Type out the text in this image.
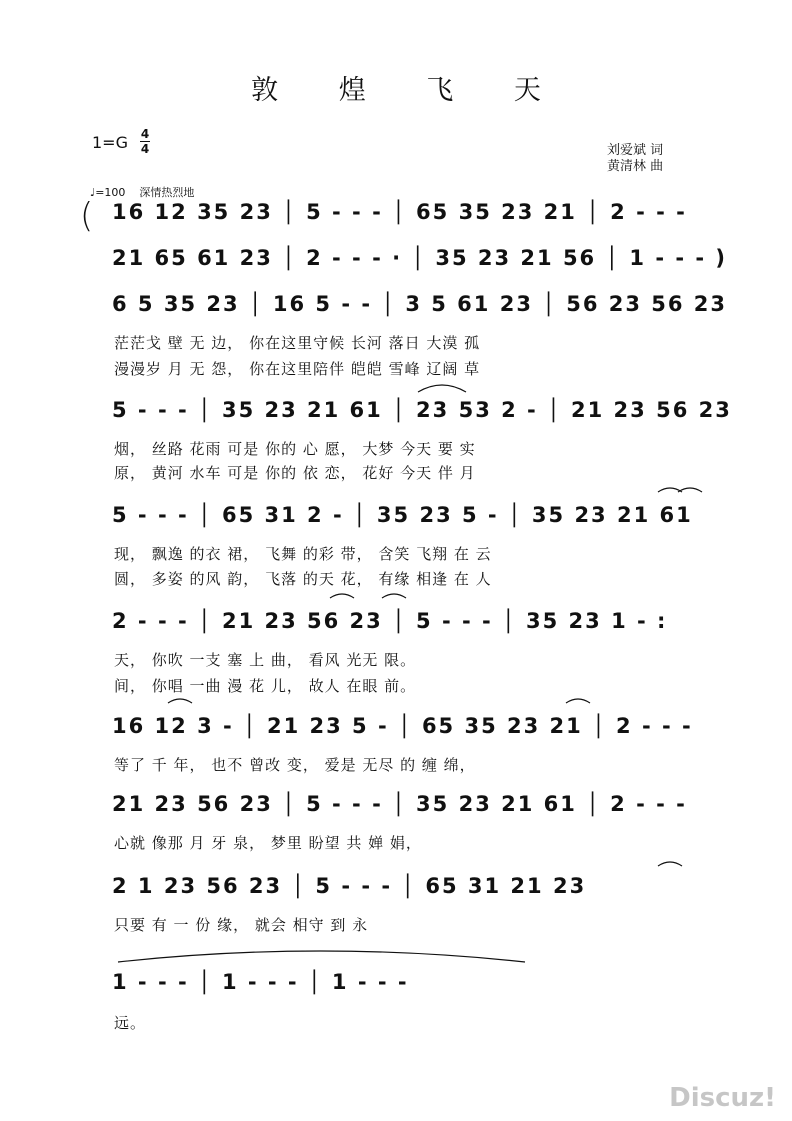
敦 煌 飞 天
1=G 4
4	刘爱斌 词
黄清林 曲
♩=100 深情热烈地
( 16 12 35 23 │ 5 - - - │ 65 35 23 21 │ 2 - - -
21 65 61 23 │ 2 - - - · │ 35 23 21 56 │ 1 - - - )
6 5 35 23 │ 16 5 - - │ 3 5 61 23 │ 56 23 56 23
茫茫戈 壁 无 边， 你在这里守候 长河 落日 大漠 孤
漫漫岁 月 无 怨， 你在这里陪伴 皑皑 雪峰 辽阔 草
5 - - - │ 35 23 21 61 │ 23 53 2 - │ 21 23 56 23
烟， 丝路 花雨 可是 你的 心 愿， 大梦 今天 要 实
原， 黄河 水车 可是 你的 依 恋， 花好 今天 伴 月
5 - - - │ 65 31 2 - │ 35 23 5 - │ 35 23 21 61
现， 飘逸 的衣 裙， 飞舞 的彩 带， 含笑 飞翔 在 云
圆， 多姿 的风 韵， 飞落 的天 花， 有缘 相逢 在 人
2 - - - │ 21 23 56 23 │ 5 - - - │ 35 23 1 - :
天， 你吹 一支 塞 上 曲， 看风 光无 限。
间， 你唱 一曲 漫 花 儿， 故人 在眼 前。
16 12 3 - │ 21 23 5 - │ 65 35 23 21 │ 2 - - -
等了 千 年， 也不 曾改 变， 爱是 无尽 的 缠 绵，
21 23 56 23 │ 5 - - - │ 35 23 21 61 │ 2 - - -
心就 像那 月 牙 泉， 梦里 盼望 共 婵 娟，
2 1 23 56 23 │ 5 - - - │ 65 31 21 23
只要 有 一 份 缘， 就会 相守 到 永
1 - - - │ 1 - - - │ 1 - - -
远。
Discuz!
